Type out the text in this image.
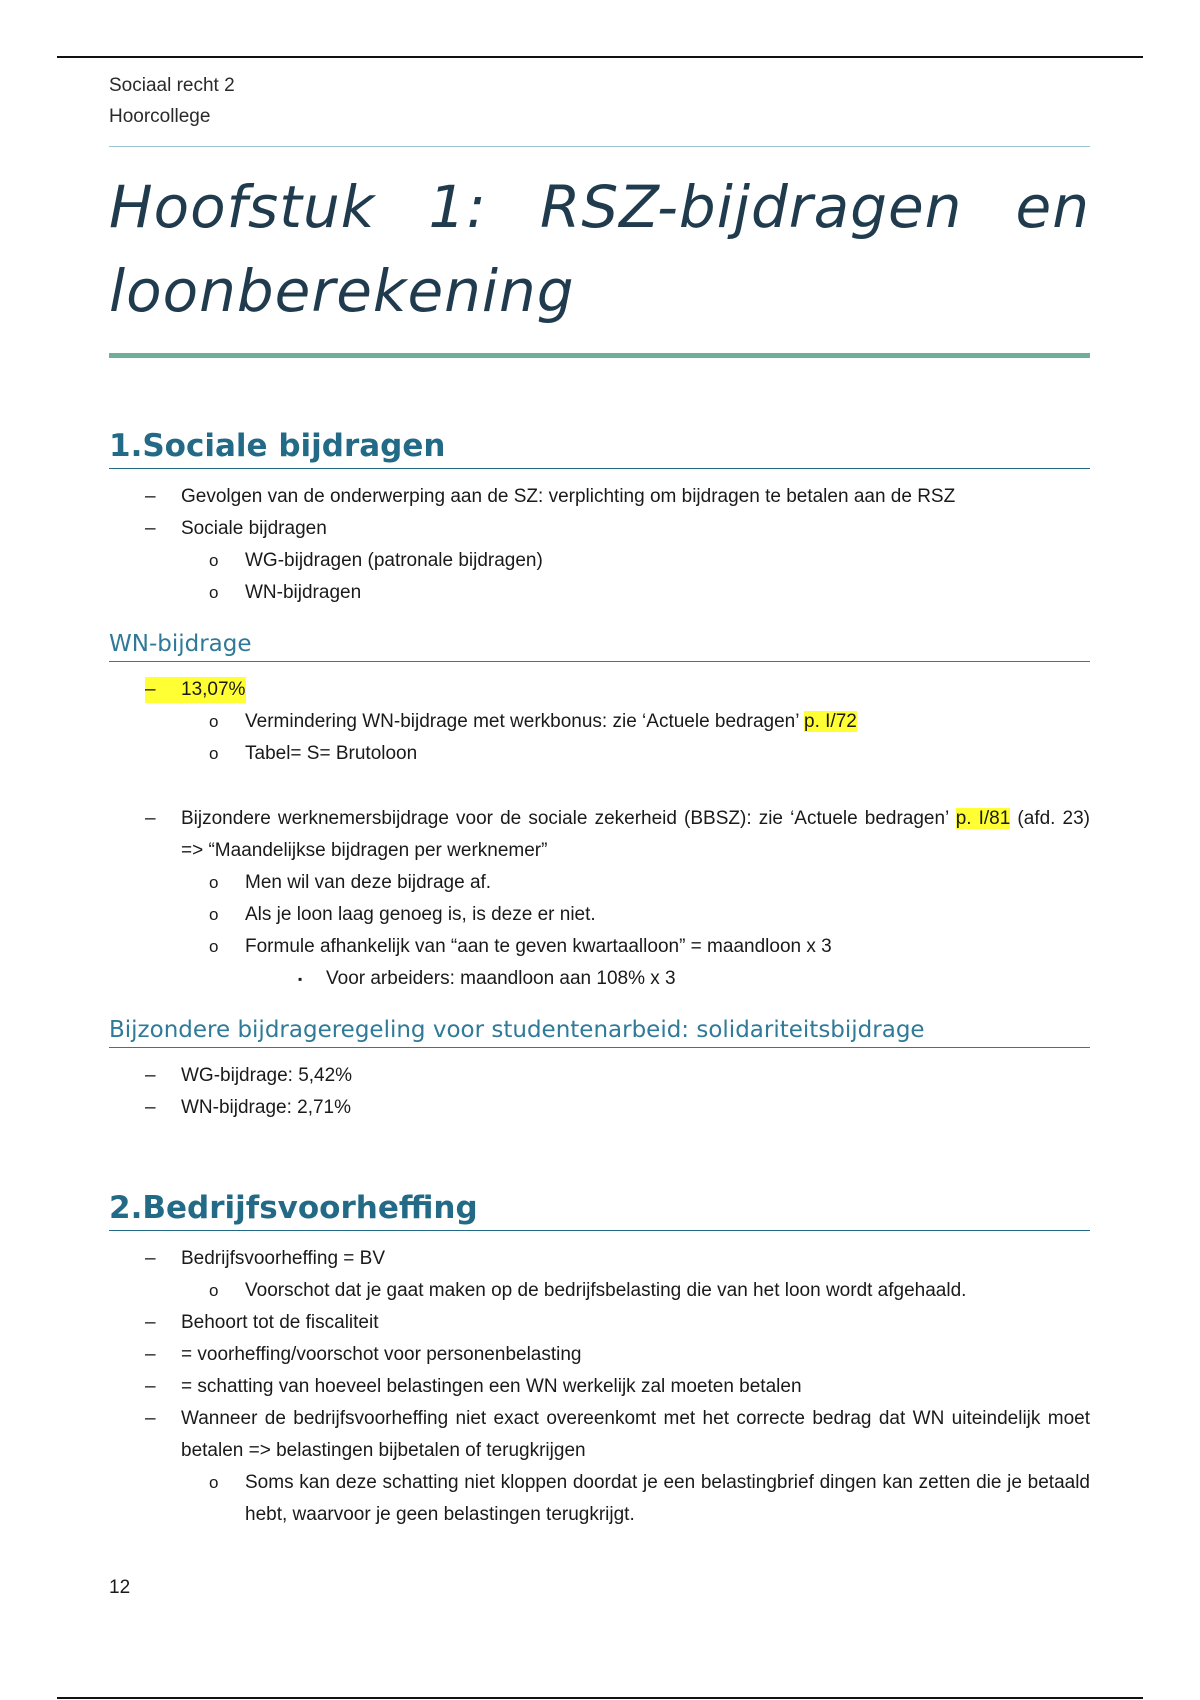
Sociaal recht 2
Hoorcollege
Hoofstuk 1: RSZ-bijdragen en loonberekening
1.Sociale bijdragen
– Gevolgen van de onderwerping aan de SZ: verplichting om bijdragen te betalen aan de RSZ
– Sociale bijdragen
o WG-bijdragen (patronale bijdragen)
o WN-bijdragen
WN-bijdrage
– 13,07%
o Vermindering WN-bijdrage met werkbonus: zie ‘Actuele bedragen’ p. I/72
o Tabel= S= Brutoloon
– Bijzondere werknemersbijdrage voor de sociale zekerheid (BBSZ): zie ‘Actuele bedragen’ p. I/81 (afd. 23) => “Maandelijkse bijdragen per werknemer”
o Men wil van deze bijdrage af.
o Als je loon laag genoeg is, is deze er niet.
o Formule afhankelijk van “aan te geven kwartaalloon” = maandloon x 3
▪ Voor arbeiders: maandloon aan 108% x 3
Bijzondere bijdrageregeling voor studentenarbeid: solidariteitsbijdrage
– WG-bijdrage: 5,42%
– WN-bijdrage: 2,71%
2.Bedrijfsvoorheffing
– Bedrijfsvoorheffing = BV
o Voorschot dat je gaat maken op de bedrijfsbelasting die van het loon wordt afgehaald.
– Behoort tot de fiscaliteit
– = voorheffing/voorschot voor personenbelasting
– = schatting van hoeveel belastingen een WN werkelijk zal moeten betalen
– Wanneer de bedrijfsvoorheffing niet exact overeenkomt met het correcte bedrag dat WN uiteindelijk moet betalen => belastingen bijbetalen of terugkrijgen
o Soms kan deze schatting niet kloppen doordat je een belastingbrief dingen kan zetten die je betaald hebt, waarvoor je geen belastingen terugkrijgt.
12
